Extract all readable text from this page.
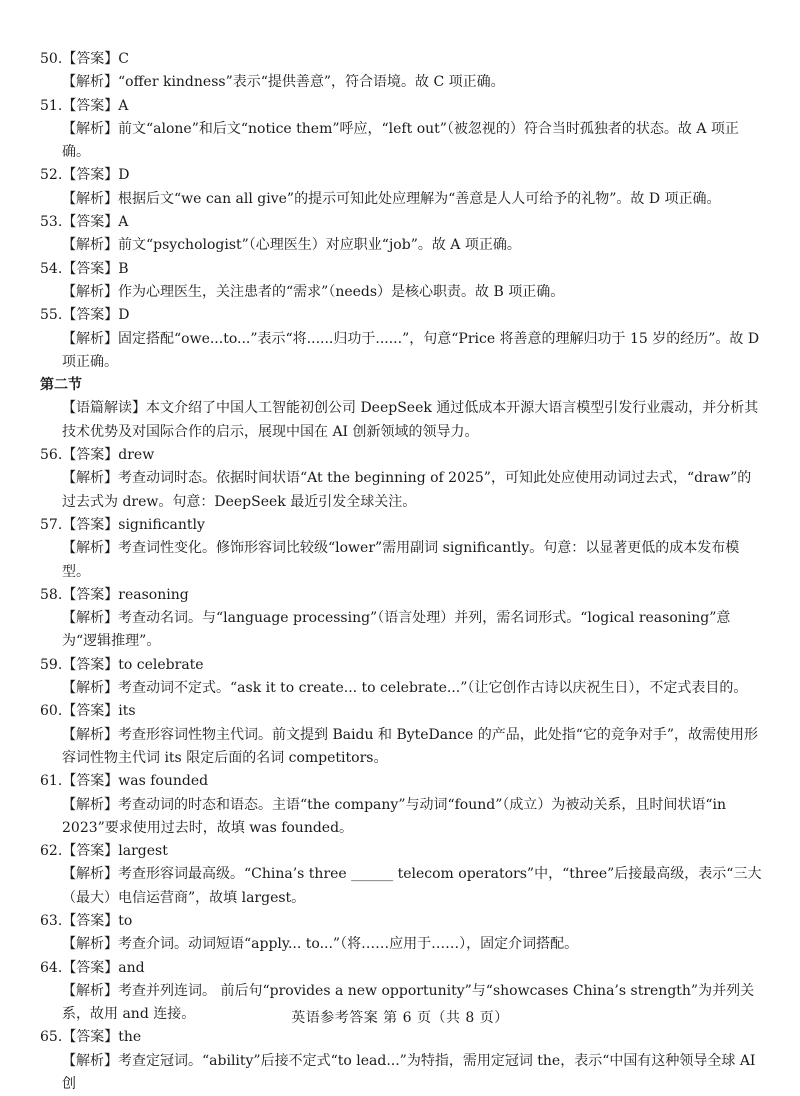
50.【答案】C
【解析】“offer kindness”表示“提供善意”，符合语境。故 C 项正确。
51.【答案】A
【解析】前文“alone”和后文“notice them”呼应，“left out”（被忽视的）符合当时孤独者的状态。故 A 项正确。
52.【答案】D
【解析】根据后文“we can all give”的提示可知此处应理解为“善意是人人可给予的礼物”。故 D 项正确。
53.【答案】A
【解析】前文“psychologist”（心理医生）对应职业“job”。故 A 项正确。
54.【答案】B
【解析】作为心理医生，关注患者的“需求”（needs）是核心职责。故 B 项正确。
55.【答案】D
【解析】固定搭配“owe...to...”表示“将......归功于......”，句意“Price 将善意的理解归功于 15 岁的经历”。故 D 项正确。
第二节
【语篇解读】本文介绍了中国人工智能初创公司 DeepSeek 通过低成本开源大语言模型引发行业震动，并分析其技术优势及对国际合作的启示，展现中国在 AI 创新领域的领导力。
56.【答案】drew
【解析】考查动词时态。依据时间状语“At the beginning of 2025”，可知此处应使用动词过去式，“draw”的过去式为 drew。句意：DeepSeek 最近引发全球关注。
57.【答案】significantly
【解析】考查词性变化。修饰形容词比较级“lower”需用副词 significantly。句意：以显著更低的成本发布模型。
58.【答案】reasoning
【解析】考查动名词。与“language processing”（语言处理）并列，需名词形式。“logical reasoning”意为“逻辑推理”。
59.【答案】to celebrate
【解析】考查动词不定式。“ask it to create... to celebrate...”（让它创作古诗以庆祝生日），不定式表目的。
60.【答案】its
【解析】考查形容词性物主代词。前文提到 Baidu 和 ByteDance 的产品，此处指“它的竞争对手”，故需使用形容词性物主代词 its 限定后面的名词 competitors。
61.【答案】was founded
【解析】考查动词的时态和语态。主语“the company”与动词“found”（成立）为被动关系，且时间状语“in 2023”要求使用过去时，故填 was founded。
62.【答案】largest
【解析】考查形容词最高级。“China’s three ______ telecom operators”中，“three”后接最高级，表示“三大（最大）电信运营商”，故填 largest。
63.【答案】to
【解析】考查介词。动词短语“apply... to...”（将……应用于……），固定介词搭配。
64.【答案】and
【解析】考查并列连词。 前后句“provides a new opportunity”与“showcases China’s strength”为并列关系，故用 and 连接。
65.【答案】the
【解析】考查定冠词。“ability”后接不定式“to lead...”为特指，需用定冠词 the，表示“中国有这种领导全球 AI 创
英语参考答案 第 6 页（共 8 页）
